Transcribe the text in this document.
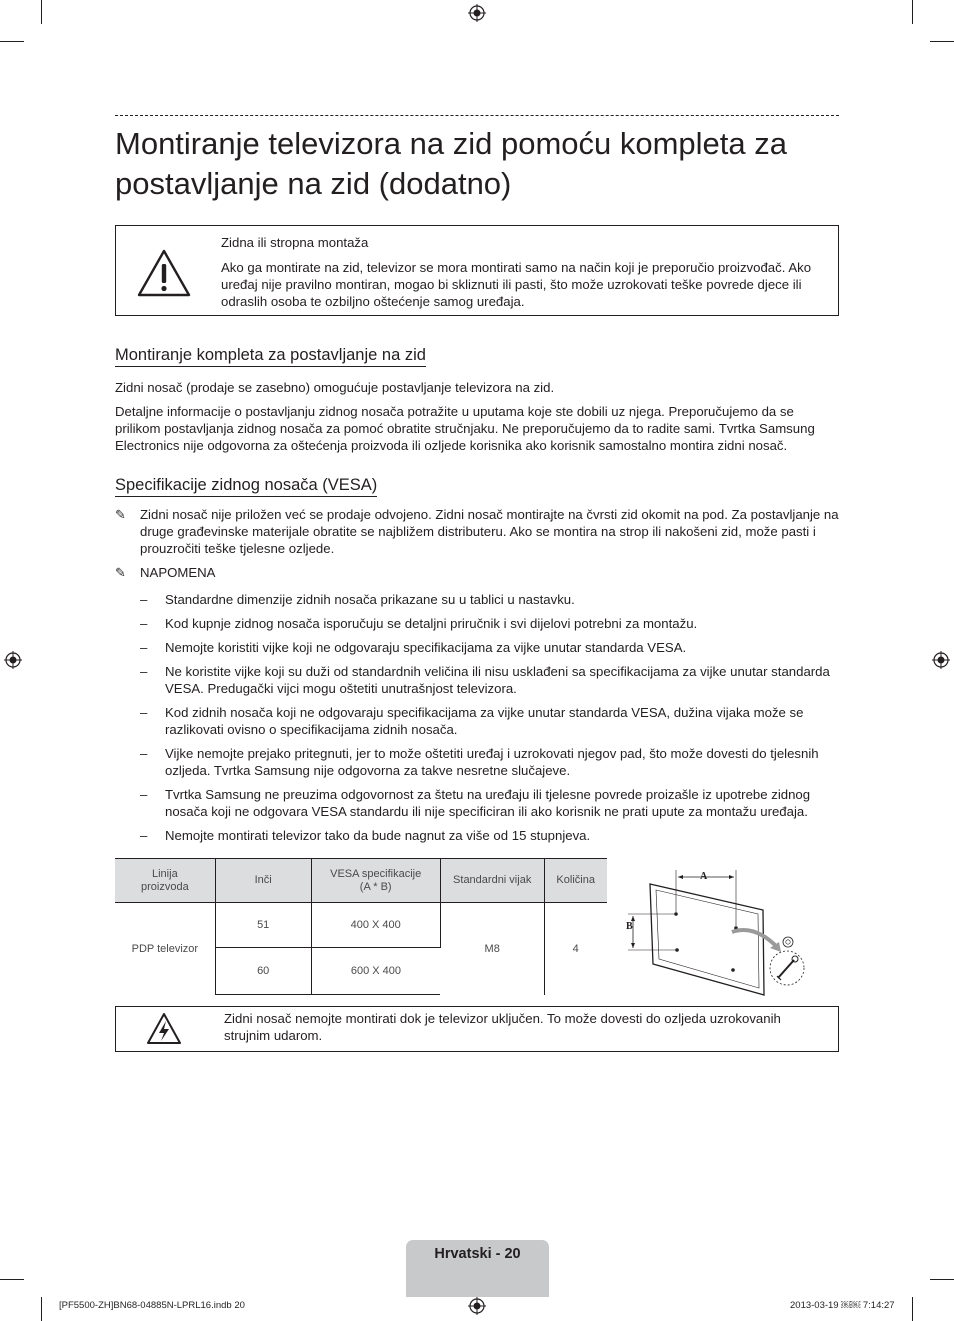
Montiranje televizora na zid pomoću kompleta za postavljanje na zid (dodatno)
Zidna ili stropna montaža
Ako ga montirate na zid, televizor se mora montirati samo na način koji je preporučio proizvođač. Ako uređaj nije pravilno montiran, mogao bi skliznuti ili pasti, što može uzrokovati teške povrede djece ili odraslih osoba te ozbiljno oštećenje samog uređaja.
Montiranje kompleta za postavljanje na zid

Zidni nosač (prodaje se zasebno) omogućuje postavljanje televizora na zid.

Detaljne informacije o postavljanju zidnog nosača potražite u uputama koje ste dobili uz njega. Preporučujemo da se prilikom postavljanja zidnog nosača za pomoć obratite stručnjaku. Ne preporučujemo da to radite sami. Tvrtka Samsung Electronics nije odgovorna za oštećenja proizvoda ili ozljede korisnika ako korisnik samostalno montira zidni nosač.

Specifikacije zidnog nosača (VESA)
✎ Zidni nosač nije priložen već se prodaje odvojeno. Zidni nosač montirajte na čvrsti zid okomit na pod. Za postavljanje na druge građevinske materijale obratite se najbližem distributeru. Ako se montira na strop ili nakošeni zid, može pasti i prouzročiti teške tjelesne ozljede.

✎ NAPOMENA

– Standardne dimenzije zidnih nosača prikazane su u tablici u nastavku.
– Kod kupnje zidnog nosača isporučuju se detaljni priručnik i svi dijelovi potrebni za montažu.
– Nemojte koristiti vijke koji ne odgovaraju specifikacijama za vijke unutar standarda VESA.
– Ne koristite vijke koji su duži od standardnih veličina ili nisu usklađeni sa specifikacijama za vijke unutar standarda VESA. Predugački vijci mogu oštetiti unutrašnjost televizora.
– Kod zidnih nosača koji ne odgovaraju specifikacijama za vijke unutar standarda VESA, dužina vijaka može se razlikovati ovisno o specifikacijama zidnih nosača.
– Vijke nemojte prejako pritegnuti, jer to može oštetiti uređaj i uzrokovati njegov pad, što može dovesti do tjelesnih ozljeda. Tvrtka Samsung nije odgovorna za takve nesretne slučajeve.
– Tvrtka Samsung ne preuzima odgovornost za štetu na uređaju ili tjelesne povrede proizašle iz upotrebe zidnog nosača koji ne odgovara VESA standardu ili nije specificiran ili ako korisnik ne prati upute za montažu uređaja.
– Nemojte montirati televizor tako da bude nagnut za više od 15 stupnjeva.
Linija proizvoda	Inči	VESA specifikacije (A * B)	Standardni vijak	Količina
PDP televizor	51	400 X 400	M8	4
	60	600 X 400		
A
B
Zidni nosač nemojte montirati dok je televizor uključen. To može dovesti do ozljeda uzrokovanih strujnim udarom.
Hrvatski - 20
[PF5500-ZH]BN68-04885N-LPRL16.indb 20	2013-03-19 ￼￼ 7:14:27
